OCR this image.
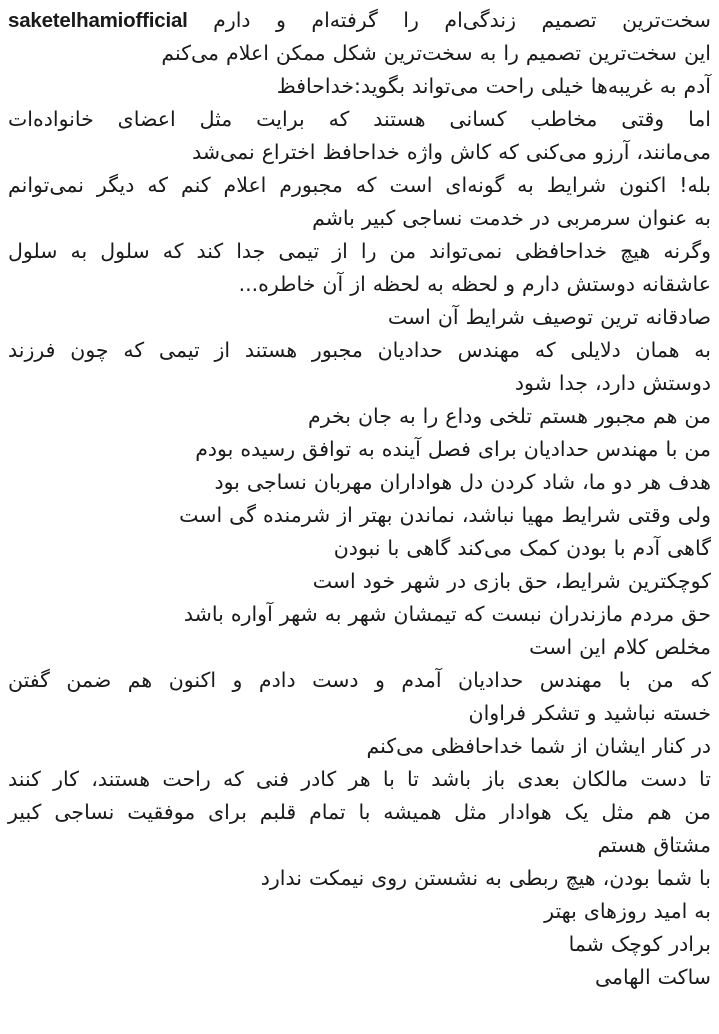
saketelhamiofficial سخت‌ترین تصمیم زندگی‌ام را گرفته‌ام و دارم

این سخت‌ترین تصمیم را به سخت‌ترین شکل ممکن اعلام می‌کنم

آدم به غریبه‌ها خیلی راحت می‌تواند بگوید:خداحافظ

اما وقتی مخاطب کسانی هستند که برایت مثل اعضای خانواده‌ات

می‌مانند، آرزو می‌کنی که کاش واژه خداحافظ اختراع نمی‌شد

بله! اکنون شرایط به گونه‌ای است که مجبورم اعلام کنم که دیگر نمی‌توانم

به عنوان سرمربی در خدمت نساجی کبیر باشم

وگرنه هیچ خداحافظی نمی‌تواند من را از تیمی جدا کند که سلول به سلول

عاشقانه دوستش دارم و لحظه به لحظه از آن خاطره...

صادقانه ترین توصیف شرایط آن است

به همان دلایلی که مهندس حدادیان مجبور هستند از تیمی که چون فرزند

دوستش دارد، جدا شود

من هم مجبور هستم تلخی وداع را به جان بخرم

من با مهندس حدادیان برای فصل آینده به توافق رسیده بودم

هدف هر دو ما، شاد کردن دل هواداران مهربان نساجی بود

ولی وقتی شرایط مهیا نباشد، نماندن بهتر از شرمنده گی است

گاهی آدم با بودن کمک می‌کند گاهی با نبودن

کوچکترین شرایط، حق بازی در شهر خود است

حق مردم مازندران نبست که تیمشان شهر به شهر آواره باشد

مخلص کلام این است

که من با مهندس حدادیان آمدم و دست دادم و اکنون هم ضمن گفتن

خسته نباشید و تشکر فراوان

در کنار ایشان از شما خداحافظی می‌کنم

تا دست مالکان بعدی باز باشد تا با هر کادر فنی که راحت هستند، کار کنند

من هم مثل یک هوادار مثل همیشه با تمام قلبم برای موفقیت نساجی کبیر

مشتاق هستم

با شما بودن، هیچ ربطی به نشستن روی نیمکت ندارد

به امید روزهای بهتر

برادر کوچک شما

ساکت الهامی
